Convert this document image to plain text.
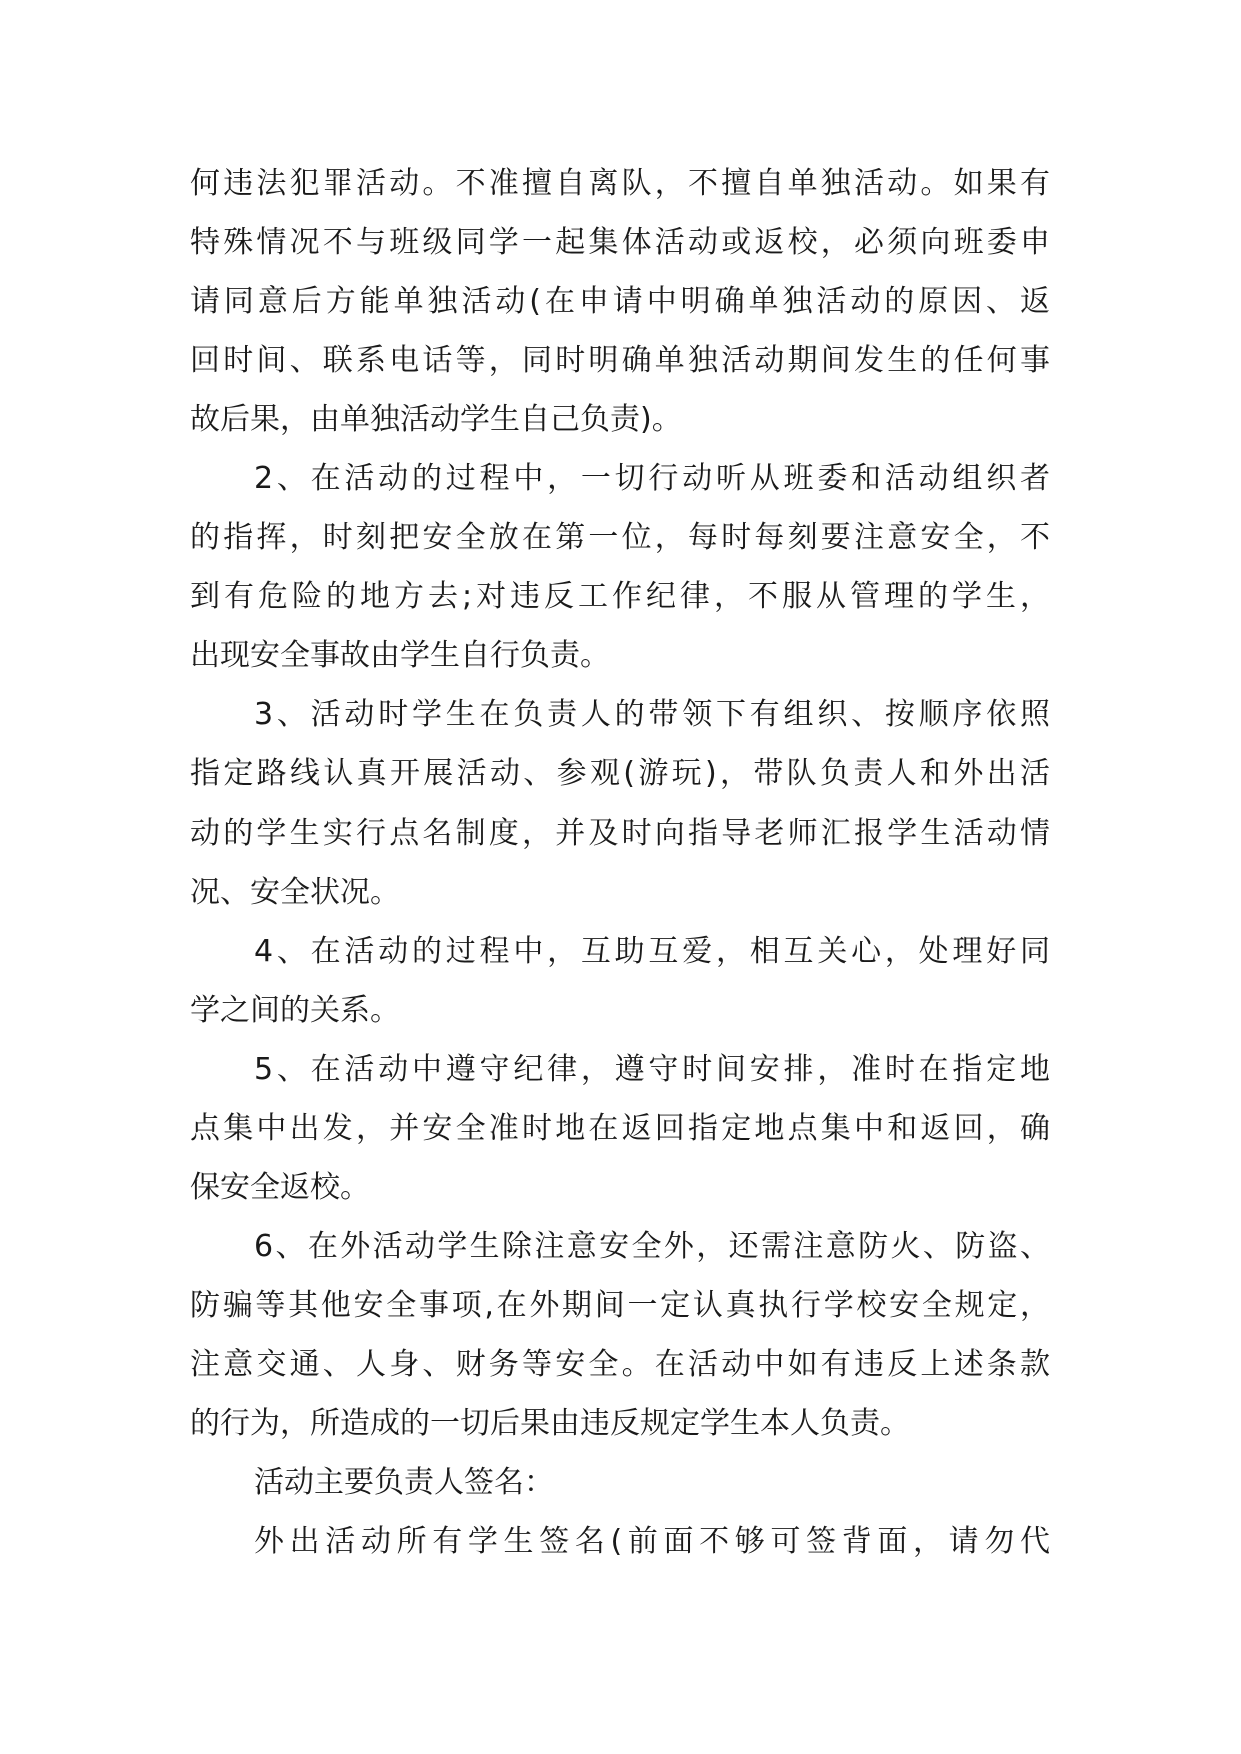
何违法犯罪活动。不准擅自离队，不擅自单独活动。如果有
特殊情况不与班级同学一起集体活动或返校，必须向班委申
请同意后方能单独活动(在申请中明确单独活动的原因、返
回时间、联系电话等，同时明确单独活动期间发生的任何事
故后果，由单独活动学生自己负责)。
2、在活动的过程中，一切行动听从班委和活动组织者
的指挥，时刻把安全放在第一位，每时每刻要注意安全，不
到有危险的地方去;对违反工作纪律，不服从管理的学生，
出现安全事故由学生自行负责。
3、活动时学生在负责人的带领下有组织、按顺序依照
指定路线认真开展活动、参观(游玩)，带队负责人和外出活
动的学生实行点名制度，并及时向指导老师汇报学生活动情
况、安全状况。
4、在活动的过程中，互助互爱，相互关心，处理好同
学之间的关系。
5、在活动中遵守纪律，遵守时间安排，准时在指定地
点集中出发，并安全准时地在返回指定地点集中和返回，确
保安全返校。
6、在外活动学生除注意安全外，还需注意防火、防盗、
防骗等其他安全事项,在外期间一定认真执行学校安全规定，
注意交通、人身、财务等安全。在活动中如有违反上述条款
的行为，所造成的一切后果由违反规定学生本人负责。
活动主要负责人签名：
外出活动所有学生签名(前面不够可签背面，请勿代
